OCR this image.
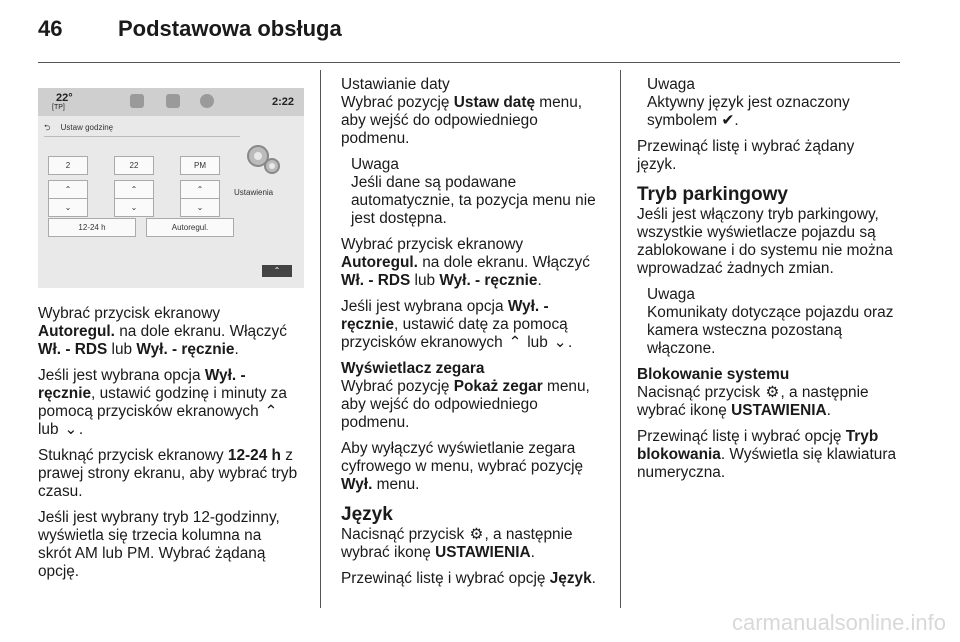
46	Podstawowa obsługa
22°
[TP]	2:22
⮌ Ustaw godzinę
2	22	PM
⌃	⌃	⌃
⌄	⌄	⌄
Ustawienia
12-24 h	Autoregul.
⌃

Wybrać przycisk ekranowy
Autoregul. na dole ekranu. Włączyć
Wł. - RDS lub Wył. - ręcznie.

Jeśli jest wybrana opcja Wył. -
ręcznie, ustawić godzinę i minuty za
pomocą przycisków ekranowych ⌃
lub ⌄ .

Stuknąć przycisk ekranowy 12-24 h z
prawej strony ekranu, aby wybrać tryb
czasu.

Jeśli jest wybrany tryb 12-godzinny,
wyświetla się trzecia kolumna na
skrót AM lub PM. Wybrać żądaną
opcję.

Ustawianie daty
Wybrać pozycję Ustaw datę menu,
aby wejść do odpowiedniego
podmenu.

Uwaga
Jeśli dane są podawane
automatycznie, ta pozycja menu nie
jest dostępna.

Wybrać przycisk ekranowy
Autoregul. na dole ekranu. Włączyć
Wł. - RDS lub Wył. - ręcznie.

Jeśli jest wybrana opcja Wył. -
ręcznie, ustawić datę za pomocą
przycisków ekranowych ⌃ lub ⌄ .

Wyświetlacz zegara

Wybrać pozycję Pokaż zegar menu,
aby wejść do odpowiedniego
podmenu.

Aby wyłączyć wyświetlanie zegara
cyfrowego w menu, wybrać pozycję
Wył. menu.

Język

Nacisnąć przycisk ⚙, a następnie
wybrać ikonę USTAWIENIA.

Przewinąć listę i wybrać opcję Język.

Uwaga
Aktywny język jest oznaczony
symbolem ✔.

Przewinąć listę i wybrać żądany
język.

Tryb parkingowy

Jeśli jest włączony tryb parkingowy,
wszystkie wyświetlacze pojazdu są
zablokowane i do systemu nie można
wprowadzać żadnych zmian.

Uwaga
Komunikaty dotyczące pojazdu oraz
kamera wsteczna pozostaną
włączone.

Blokowanie systemu

Nacisnąć przycisk ⚙, a następnie
wybrać ikonę USTAWIENIA.

Przewinąć listę i wybrać opcję Tryb
blokowania. Wyświetla się klawiatura
numeryczna.

carmanualsonline.info
